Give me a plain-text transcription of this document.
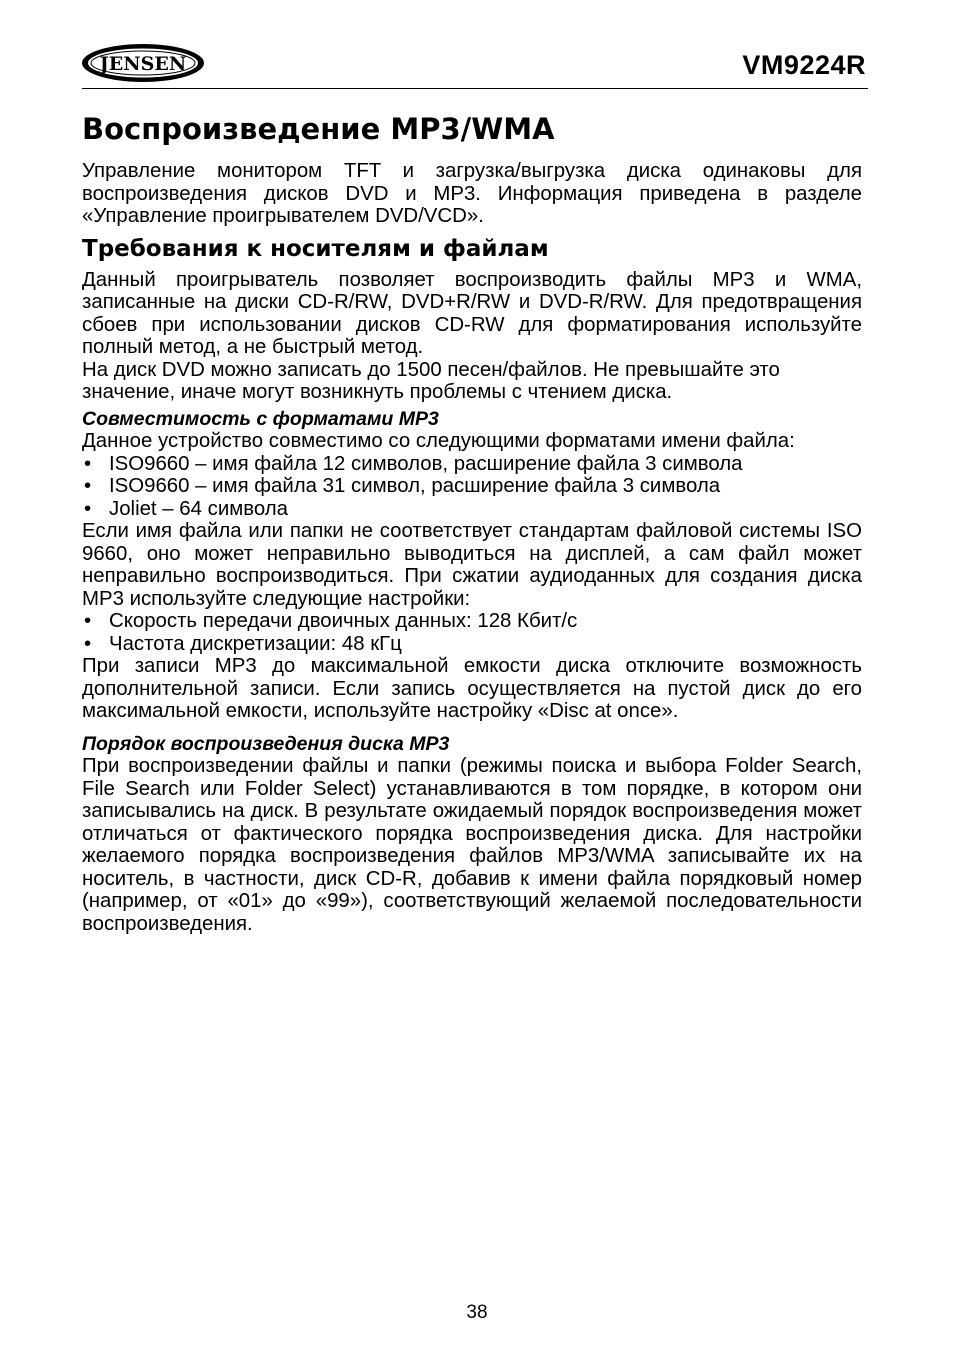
JENSEN	VM9224R
Воспроизведение MP3/WMA

Управление монитором TFT и загрузка/выгрузка диска одинаковы для воспроизведения дисков DVD и MP3. Информация приведена в разделе «Управление проигрывателем DVD/VCD».

Требования к носителям и файлам

Данный проигрыватель позволяет воспроизводить файлы MP3 и WMA, записанные на диски CD-R/RW, DVD+R/RW и DVD-R/RW. Для предотвращения сбоев при использовании дисков CD-RW для форматирования используйте полный метод, а не быстрый метод.

На диск DVD можно записать до 1500 песен/файлов. Не превышайте это значение, иначе могут возникнуть проблемы с чтением диска.

Совместимость с форматами MP3

Данное устройство совместимо со следующими форматами имени файла:

• ISO9660 – имя файла 12 символов, расширение файла 3 символа
• ISO9660 – имя файла 31 символ, расширение файла 3 символа
• Joliet – 64 символа

Если имя файла или папки не соответствует стандартам файловой системы ISO 9660, оно может неправильно выводиться на дисплей, а сам файл может неправильно воспроизводиться. При сжатии аудиоданных для создания диска MP3 используйте следующие настройки:

• Скорость передачи двоичных данных: 128 Кбит/с
• Частота дискретизации: 48 кГц

При записи MP3 до максимальной емкости диска отключите возможность дополнительной записи. Если запись осуществляется на пустой диск до его максимальной емкости, используйте настройку «Disc at once».

Порядок воспроизведения диска MP3

При воспроизведении файлы и папки (режимы поиска и выбора Folder Search, File Search или Folder Select) устанавливаются в том порядке, в котором они записывались на диск. В результате ожидаемый порядок воспроизведения может отличаться от фактического порядка воспроизведения диска. Для настройки желаемого порядка воспроизведения файлов MP3/WMA записывайте их на носитель, в частности, диск CD-R, добавив к имени файла порядковый номер (например, от «01» до «99»), соответствующий желаемой последовательности воспроизведения.

38
